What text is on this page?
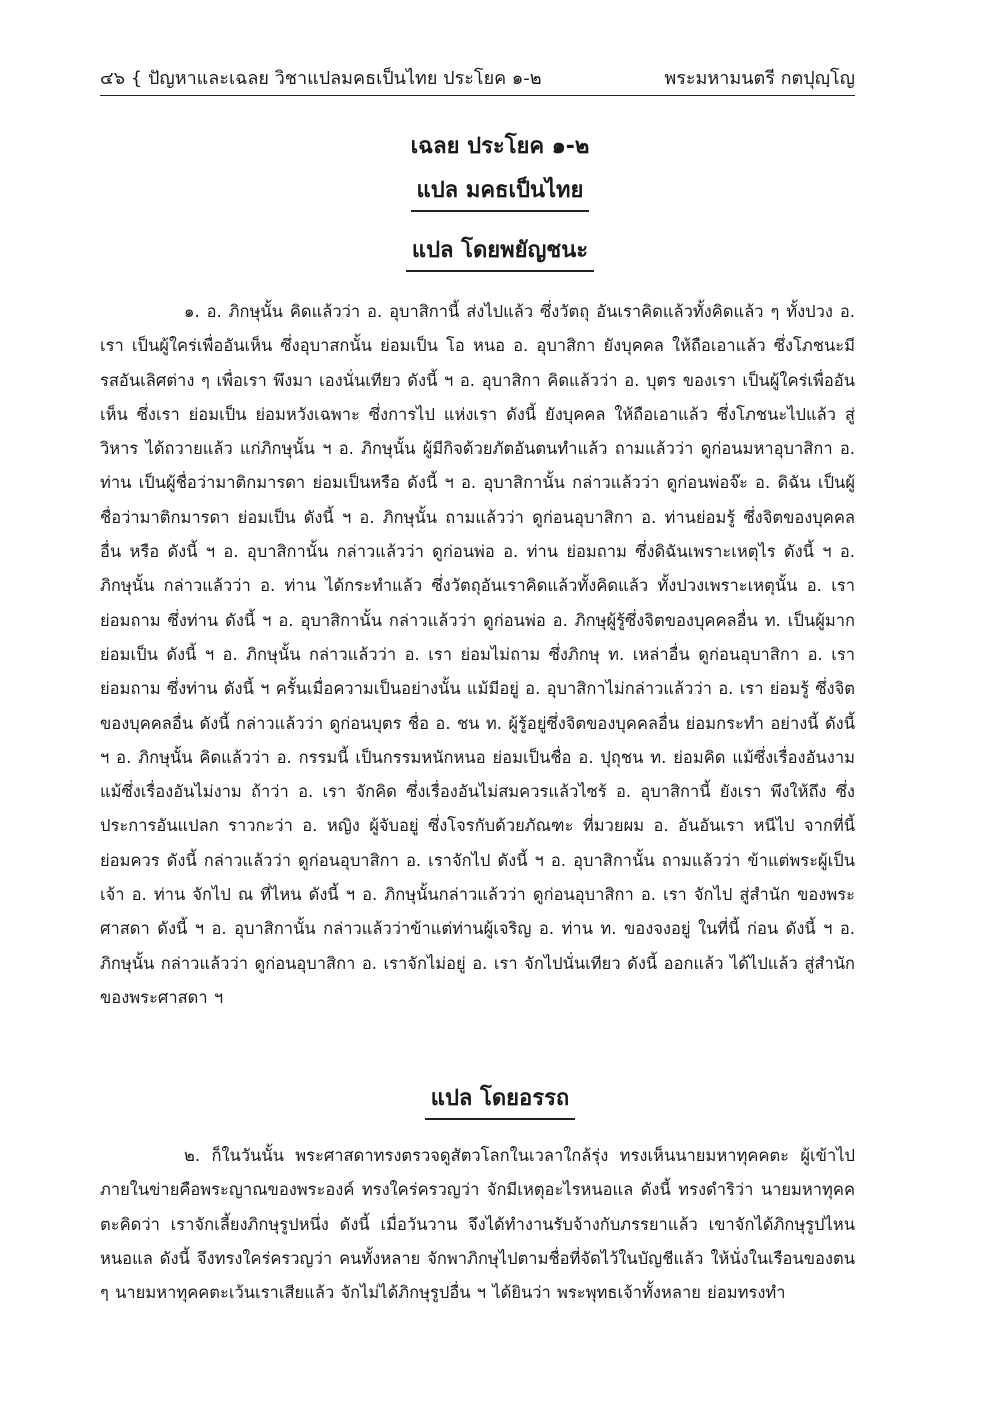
๔๖ { ปัญหาและเฉลย วิชาแปลมคธเป็นไทย ประโยค ๑-๒	พระมหามนตรี กตปุญฺโญ
เฉลย ประโยค ๑-๒
แปล มคธเป็นไทย
แปล โดยพยัญชนะ

๑. อ. ภิกษุนั้น คิดแล้วว่า อ. อุบาสิกานี้ ส่งไปแล้ว ซึ่งวัตถุ อันเราคิดแล้วทั้งคิดแล้ว ๆ ทั้งปวง อ. เรา เป็นผู้ใคร่เพื่ออันเห็น ซึ่งอุบาสกนั้น ย่อมเป็น โอ หนอ อ. อุบาสิกา ยังบุคคล ให้ถือเอาแล้ว ซึ่งโภชนะมีรสอันเลิศต่าง ๆ เพื่อเรา พึงมา เองนั่นเทียว ดังนี้ ฯ อ. อุบาสิกา คิดแล้วว่า อ. บุตร ของเรา เป็นผู้ใคร่เพื่ออันเห็น ซึ่งเรา ย่อมเป็น ย่อมหวังเฉพาะ ซึ่งการไป แห่งเรา ดังนี้ ยังบุคคล ให้ถือเอาแล้ว ซึ่งโภชนะไปแล้ว สู่วิหาร ได้ถวายแล้ว แก่ภิกษุนั้น ฯ อ. ภิกษุนั้น ผู้มีกิจด้วยภัตอันตนทำแล้ว ถามแล้วว่า ดูก่อนมหาอุบาสิกา อ. ท่าน เป็นผู้ชื่อว่ามาติกมารดา ย่อมเป็นหรือ ดังนี้ ฯ อ. อุบาสิกานั้น กล่าวแล้วว่า ดูก่อนพ่อจ๊ะ อ. ดิฉัน เป็นผู้ชื่อว่ามาติกมารดา ย่อมเป็น ดังนี้ ฯ อ. ภิกษุนั้น ถามแล้วว่า ดูก่อนอุบาสิกา อ. ท่านย่อมรู้ ซึ่งจิตของบุคคลอื่น หรือ ดังนี้ ฯ อ. อุบาสิกานั้น กล่าวแล้วว่า ดูก่อนพ่อ อ. ท่าน ย่อมถาม ซึ่งดิฉันเพราะเหตุไร ดังนี้ ฯ อ. ภิกษุนั้น กล่าวแล้วว่า อ. ท่าน ได้กระทำแล้ว ซึ่งวัตถุอันเราคิดแล้วทั้งคิดแล้ว ทั้งปวงเพราะเหตุนั้น อ. เรา ย่อมถาม ซึ่งท่าน ดังนี้ ฯ อ. อุบาสิกานั้น กล่าวแล้วว่า ดูก่อนพ่อ อ. ภิกษุผู้รู้ซึ่งจิตของบุคคลอื่น ท. เป็นผู้มาก ย่อมเป็น ดังนี้ ฯ อ. ภิกษุนั้น กล่าวแล้วว่า อ. เรา ย่อมไม่ถาม ซึ่งภิกษุ ท. เหล่าอื่น ดูก่อนอุบาสิกา อ. เรา ย่อมถาม ซึ่งท่าน ดังนี้ ฯ ครั้นเมื่อความเป็นอย่างนั้น แม้มีอยู่ อ. อุบาสิกาไม่กล่าวแล้วว่า อ. เรา ย่อมรู้ ซึ่งจิตของบุคคลอื่น ดังนี้ กล่าวแล้วว่า ดูก่อนบุตร ชื่อ อ. ชน ท. ผู้รู้อยู่ซึ่งจิตของบุคคลอื่น ย่อมกระทำ อย่างนี้ ดังนี้ ฯ อ. ภิกษุนั้น คิดแล้วว่า อ. กรรมนี้ เป็นกรรมหนักหนอ ย่อมเป็นชื่อ อ. ปุถุชน ท. ย่อมคิด แม้ซึ่งเรื่องอันงาม แม้ซึ่งเรื่องอันไม่งาม ถ้าว่า อ. เรา จักคิด ซึ่งเรื่องอันไม่สมควรแล้วไซร้ อ. อุบาสิกานี้ ยังเรา พึงให้ถึง ซึ่งประการอันแปลก ราวกะว่า อ. หญิง ผู้จับอยู่ ซึ่งโจรกับด้วยภัณฑะ ที่มวยผม อ. อันอันเรา หนีไป จากที่นี้ ย่อมควร ดังนี้ กล่าวแล้วว่า ดูก่อนอุบาสิกา อ. เราจักไป ดังนี้ ฯ อ. อุบาสิกานั้น ถามแล้วว่า ข้าแต่พระผู้เป็นเจ้า อ. ท่าน จักไป ณ ที่ไหน ดังนี้ ฯ อ. ภิกษุนั้นกล่าวแล้วว่า ดูก่อนอุบาสิกา อ. เรา จักไป สู่สำนัก ของพระศาสดา ดังนี้ ฯ อ. อุบาสิกานั้น กล่าวแล้วว่าข้าแต่ท่านผู้เจริญ อ. ท่าน ท. ของจงอยู่ ในที่นี้ ก่อน ดังนี้ ฯ อ. ภิกษุนั้น กล่าวแล้วว่า ดูก่อนอุบาสิกา อ. เราจักไม่อยู่ อ. เรา จักไปนั่นเทียว ดังนี้ ออกแล้ว ได้ไปแล้ว สู่สำนัก ของพระศาสดา ฯ

แปล โดยอรรถ

๒. ก็ในวันนั้น พระศาสดาทรงตรวจดูสัตวโลกในเวลาใกล้รุ่ง ทรงเห็นนายมหาทุคคตะ ผู้เข้าไปภายในข่ายคือพระญาณของพระองค์ ทรงใคร่ครวญว่า จักมีเหตุอะไรหนอแล ดังนี้ ทรงดำริว่า นายมหาทุคคตะคิดว่า เราจักเลี้ยงภิกษุรูปหนึ่ง ดังนี้ เมื่อวันวาน จึงได้ทำงานรับจ้างกับภรรยาแล้ว เขาจักได้ภิกษุรูปไหนหนอแล ดังนี้ จึงทรงใคร่ครวญว่า คนทั้งหลาย จักพาภิกษุไปตามชื่อที่จัดไว้ในบัญชีแล้ว ให้นั่งในเรือนของตน ๆ นายมหาทุคคตะเว้นเราเสียแล้ว จักไม่ได้ภิกษุรูปอื่น ฯ ได้ยินว่า พระพุทธเจ้าทั้งหลาย ย่อมทรงทำ
